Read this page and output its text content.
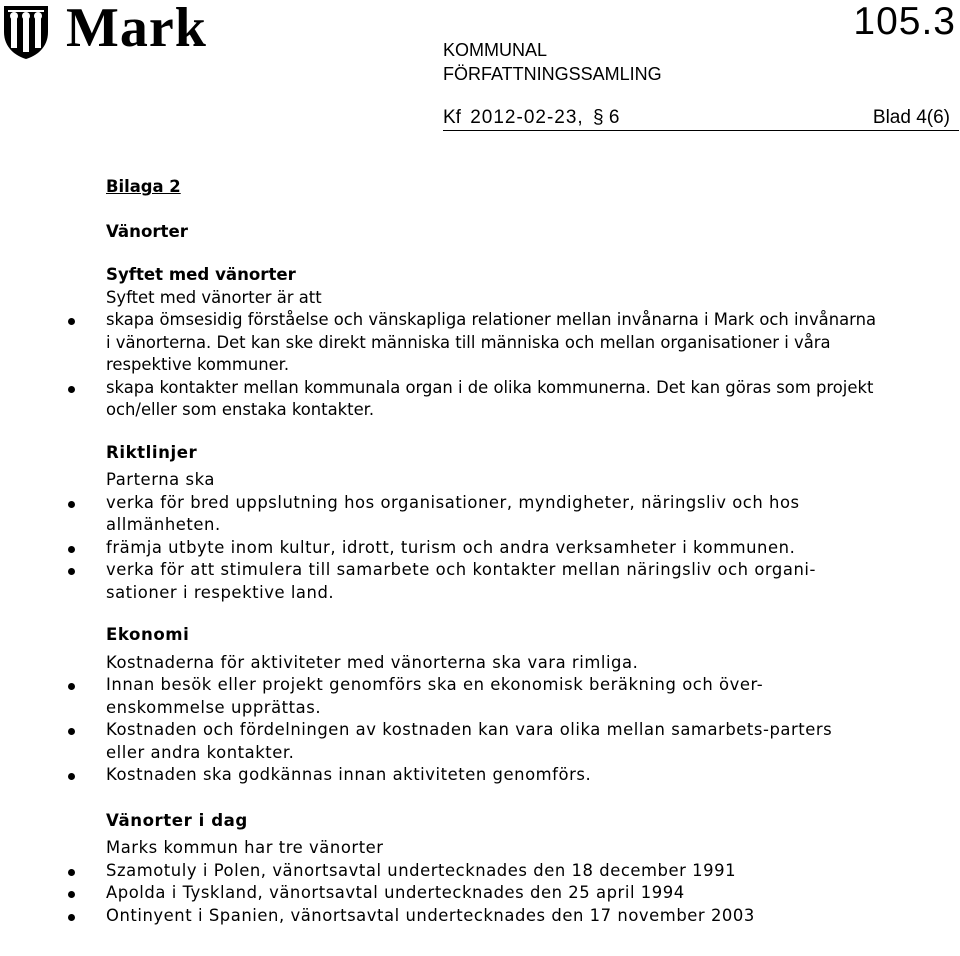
Mark	KOMMUNAL
FÖRFATTNINGSSAMLING
105.3
Kf 2012-02-23, § 6	Blad 4(6)
Bilaga 2
Vänorter
Syftet med vänorter

Syftet med vänorter är att

skapa ömsesidig förståelse och vänskapliga relationer mellan invånarna i Mark och invånarna i vänorterna. Det kan ske direkt människa till människa och mellan organisationer i våra respektive kommuner.
skapa kontakter mellan kommunala organ i de olika kommunerna. Det kan göras som projekt och/eller som enstaka kontakter.
Riktlinjer

Parterna ska

verka för bred uppslutning hos organisationer, myndigheter, näringsliv och hos allmänheten.
främja utbyte inom kultur, idrott, turism och andra verksamheter i kommunen.
verka för att stimulera till samarbete och kontakter mellan näringsliv och organi-sationer i respektive land.
Ekonomi

Kostnaderna för aktiviteter med vänorterna ska vara rimliga.

Innan besök eller projekt genomförs ska en ekonomisk beräkning och över-enskommelse upprättas.
Kostnaden och fördelningen av kostnaden kan vara olika mellan samarbets-parters eller andra kontakter.
Kostnaden ska godkännas innan aktiviteten genomförs.
Vänorter i dag

Marks kommun har tre vänorter

Szamotuly i Polen, vänortsavtal undertecknades den 18 december 1991
Apolda i Tyskland, vänortsavtal undertecknades den 25 april 1994
Ontinyent i Spanien, vänortsavtal undertecknades den 17 november 2003
